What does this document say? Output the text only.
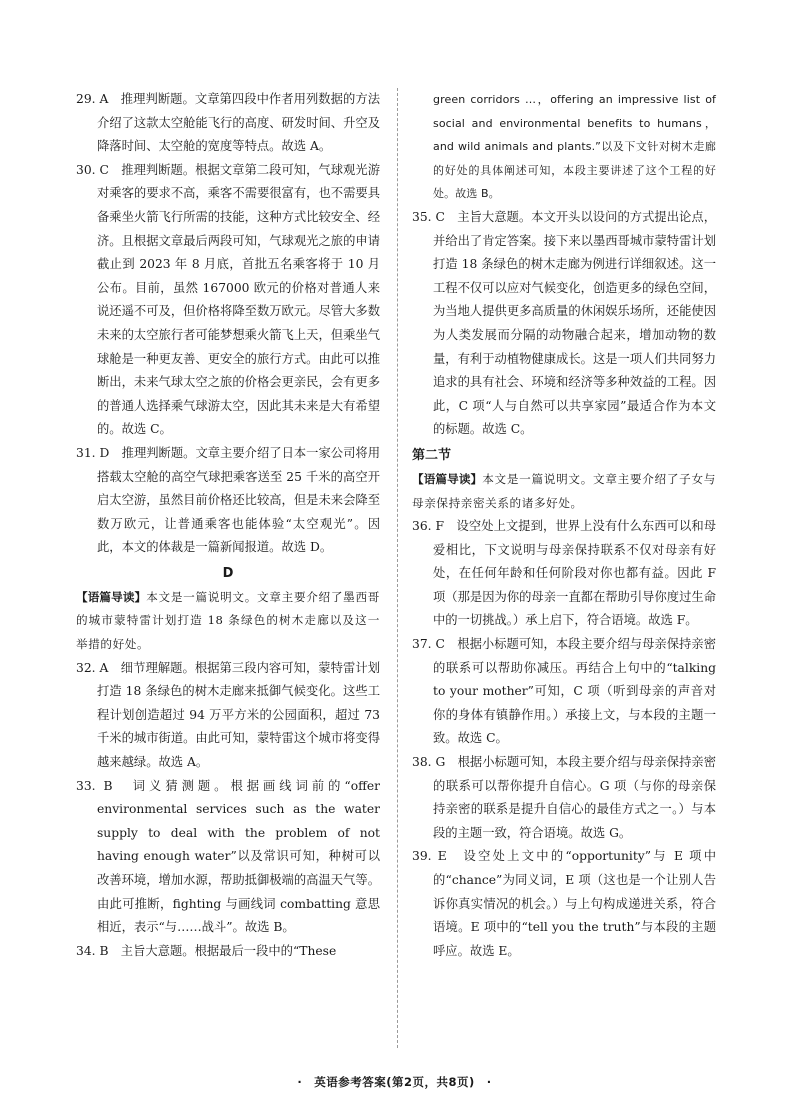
29. A　推理判断题。文章第四段中作者用列数据的方法介绍了这款太空舱能飞行的高度、研发时间、升空及降落时间、太空舱的宽度等特点。故选 A。

30. C　推理判断题。根据文章第二段可知，气球观光游对乘客的要求不高，乘客不需要很富有，也不需要具备乘坐火箭飞行所需的技能，这种方式比较安全、经济。且根据文章最后两段可知，气球观光之旅的申请截止到 2023 年 8 月底，首批五名乘客将于 10 月公布。目前，虽然 167000 欧元的价格对普通人来说还遥不可及，但价格将降至数万欧元。尽管大多数未来的太空旅行者可能梦想乘火箭飞上天，但乘坐气球舱是一种更友善、更安全的旅行方式。由此可以推断出，未来气球太空之旅的价格会更亲民，会有更多的普通人选择乘气球游太空，因此其未来是大有希望的。故选 C。

31. D　推理判断题。文章主要介绍了日本一家公司将用搭载太空舱的高空气球把乘客送至 25 千米的高空开启太空游，虽然目前价格还比较高，但是未来会降至数万欧元，让普通乘客也能体验“太空观光”。因此，本文的体裁是一篇新闻报道。故选 D。

D

【语篇导读】本文是一篇说明文。文章主要介绍了墨西哥的城市蒙特雷计划打造 18 条绿色的树木走廊以及这一举措的好处。

32. A　细节理解题。根据第三段内容可知，蒙特雷计划打造 18 条绿色的树木走廊来抵御气候变化。这些工程计划创造超过 94 万平方米的公园面积，超过 73 千米的城市街道。由此可知，蒙特雷这个城市将变得越来越绿。故选 A。

33. B　词义猜测题。根据画线词前的“offer environmental services such as the water supply to deal with the problem of not having enough water”以及常识可知，种树可以改善环境，增加水源，帮助抵御极端的高温天气等。由此可推断，fighting 与画线词 combatting 意思相近，表示“与……战斗”。故选 B。

34. B　主旨大意题。根据最后一段中的“These

green corridors …，offering an impressive list of social and environmental benefits to humans，and wild animals and plants.”以及下文针对树木走廊的好处的具体阐述可知，本段主要讲述了这个工程的好处。故选 B。

35. C　主旨大意题。本文开头以设问的方式提出论点，并给出了肯定答案。接下来以墨西哥城市蒙特雷计划打造 18 条绿色的树木走廊为例进行详细叙述。这一工程不仅可以应对气候变化，创造更多的绿色空间，为当地人提供更多高质量的休闲娱乐场所，还能使因为人类发展而分隔的动物融合起来，增加动物的数量，有利于动植物健康成长。这是一项人们共同努力追求的具有社会、环境和经济等多种效益的工程。因此，C 项“人与自然可以共享家园”最适合作为本文的标题。故选 C。

第二节

【语篇导读】本文是一篇说明文。文章主要介绍了子女与母亲保持亲密关系的诸多好处。

36. F　设空处上文提到，世界上没有什么东西可以和母爱相比，下文说明与母亲保持联系不仅对母亲有好处，在任何年龄和任何阶段对你也都有益。因此 F 项（那是因为你的母亲一直都在帮助引导你度过生命中的一切挑战。）承上启下，符合语境。故选 F。

37. C　根据小标题可知，本段主要介绍与母亲保持亲密的联系可以帮助你减压。再结合上句中的“talking to your mother”可知，C 项（听到母亲的声音对你的身体有镇静作用。）承接上文，与本段的主题一致。故选 C。

38. G　根据小标题可知，本段主要介绍与母亲保持亲密的联系可以帮你提升自信心。G 项（与你的母亲保持亲密的联系是提升自信心的最佳方式之一。）与本段的主题一致，符合语境。故选 G。

39. E　设空处上文中的“opportunity”与 E 项中的“chance”为同义词，E 项（这也是一个让别人告诉你真实情况的机会。）与上句构成递进关系，符合语境。E 项中的“tell you the truth”与本段的主题呼应。故选 E。

·　英语参考答案(第2页，共8页)　·
